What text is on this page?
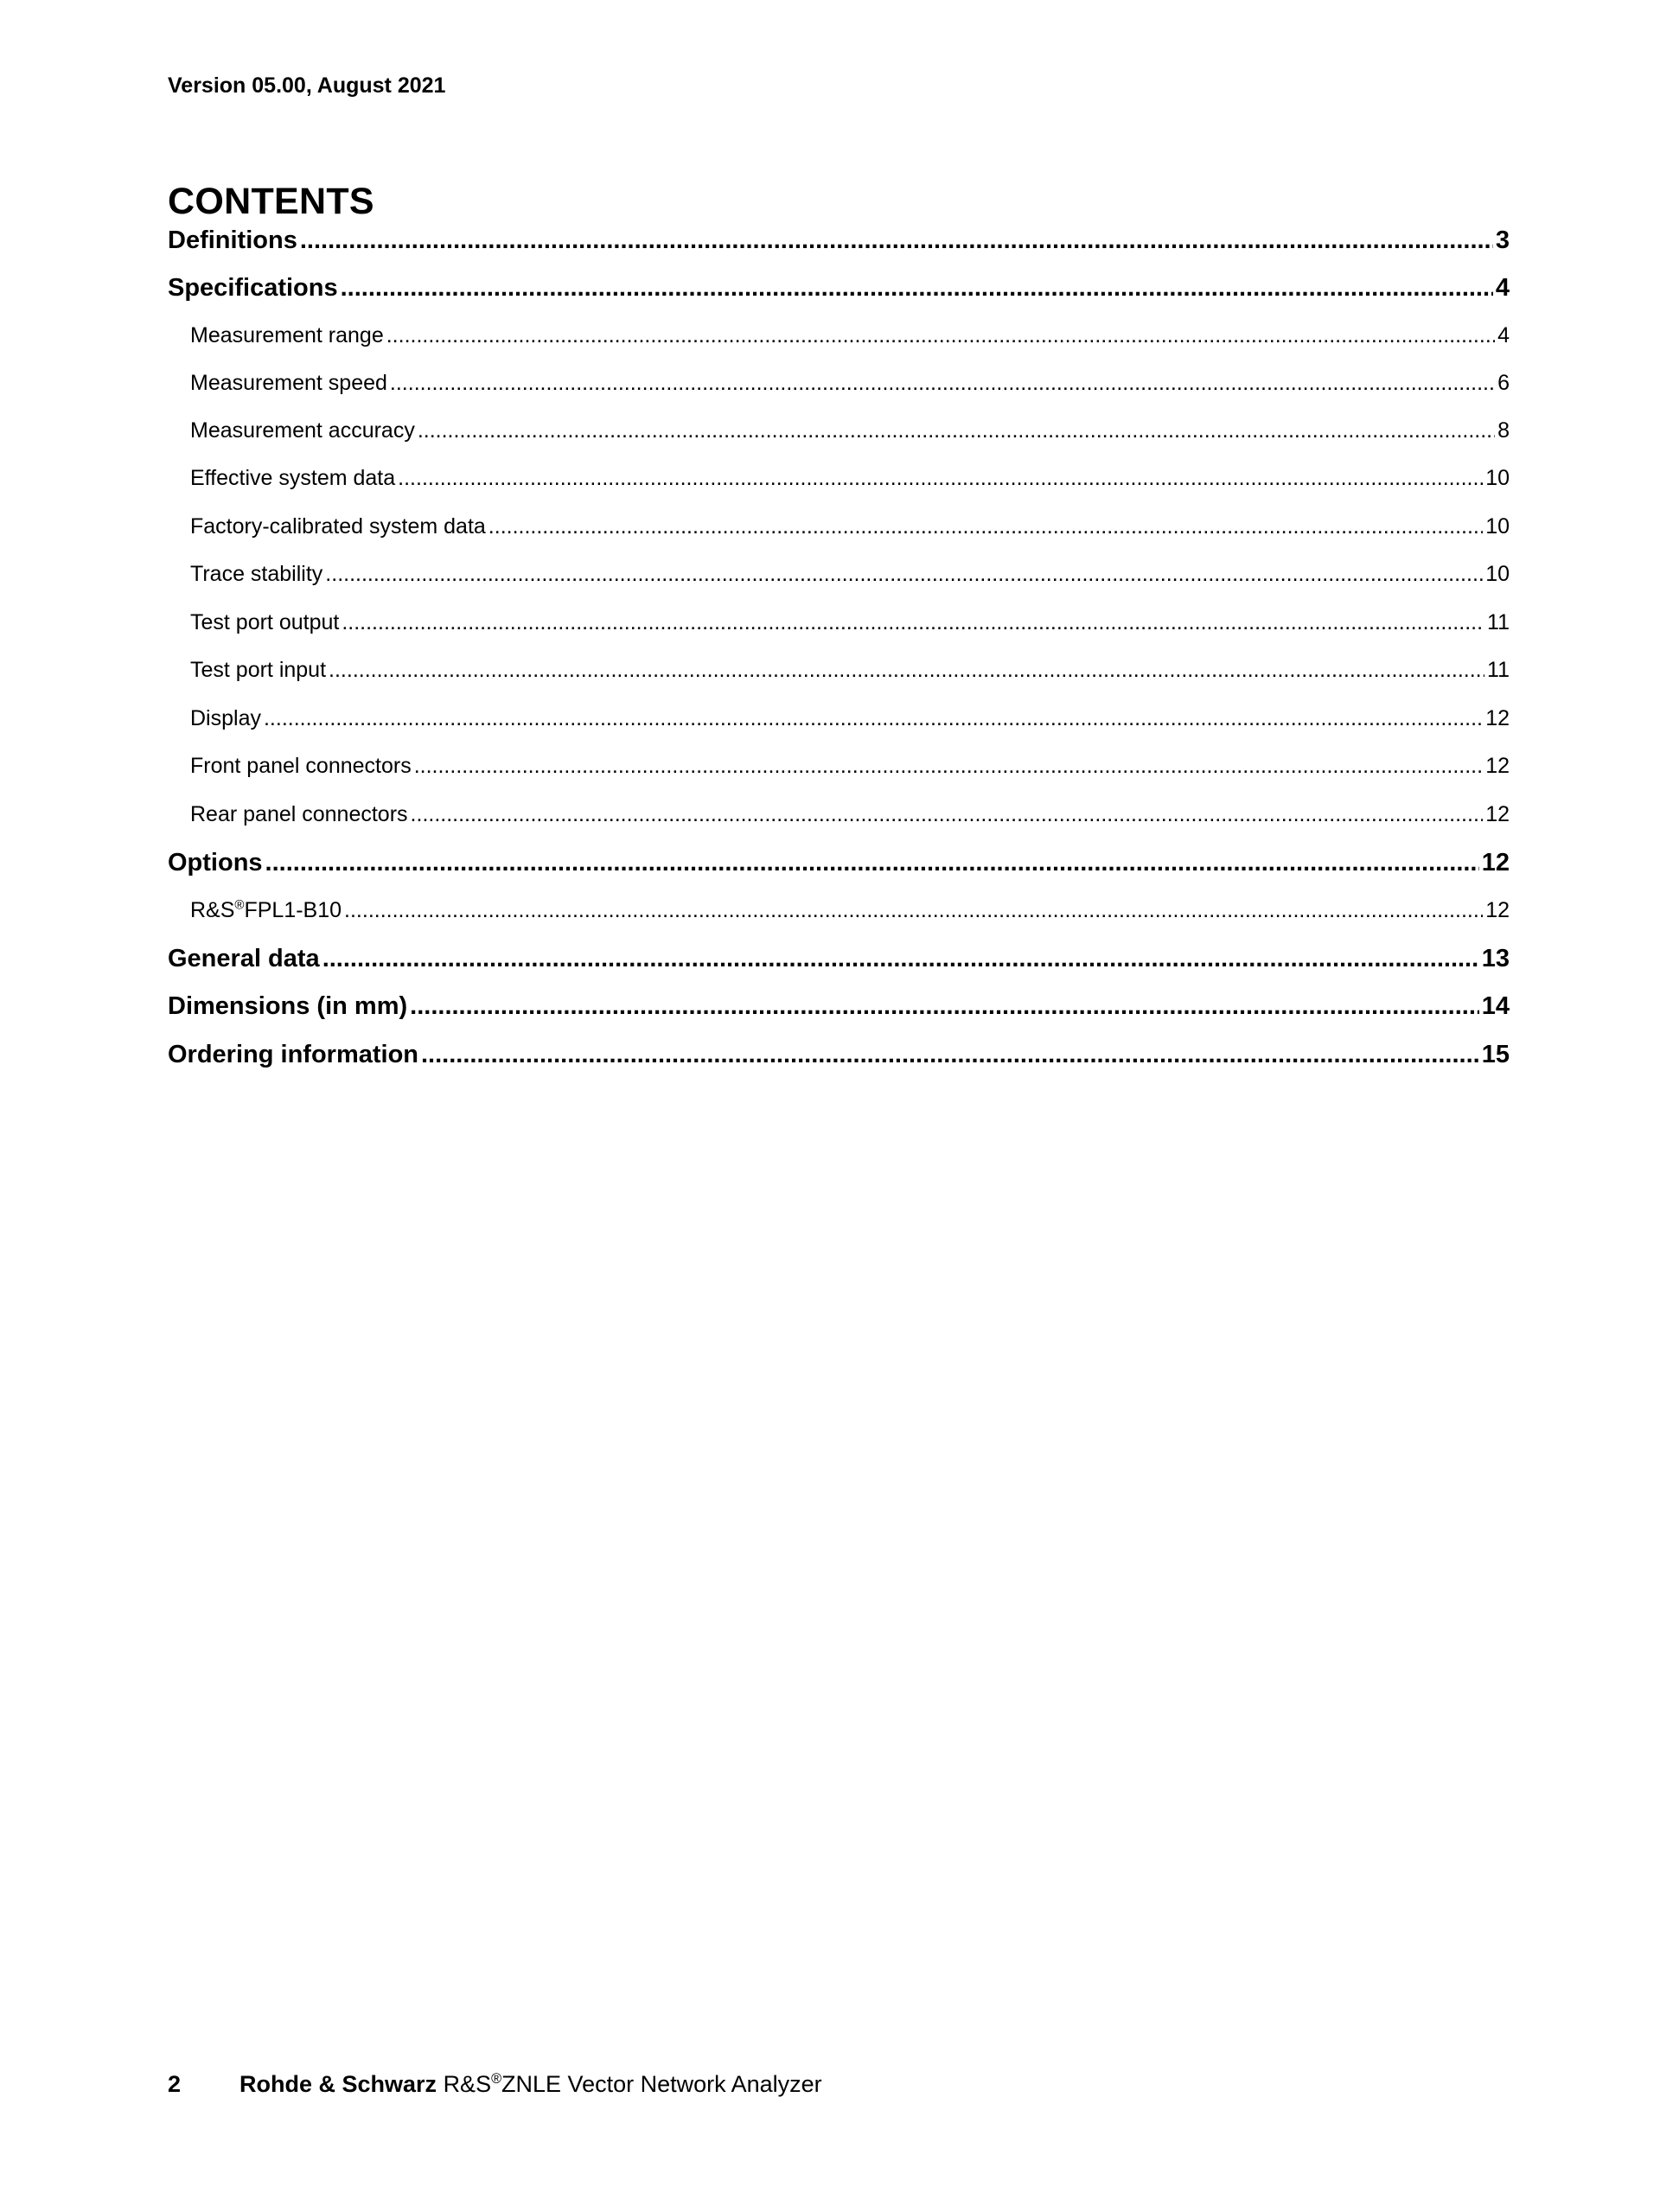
Version 05.00, August 2021
CONTENTS
Definitions .....	3
Specifications .....	4
Measurement range .....	4
Measurement speed .....	6
Measurement accuracy .....	8
Effective system data .....	10
Factory-calibrated system data .....	10
Trace stability .....	10
Test port output .....	11
Test port input .....	11
Display .....	12
Front panel connectors .....	12
Rear panel connectors .....	12
Options .....	12
R&S®FPL1-B10 .....	12
General data .....	13
Dimensions (in mm) .....	14
Ordering information .....	15
2	Rohde & Schwarz R&S®ZNLE Vector Network Analyzer
